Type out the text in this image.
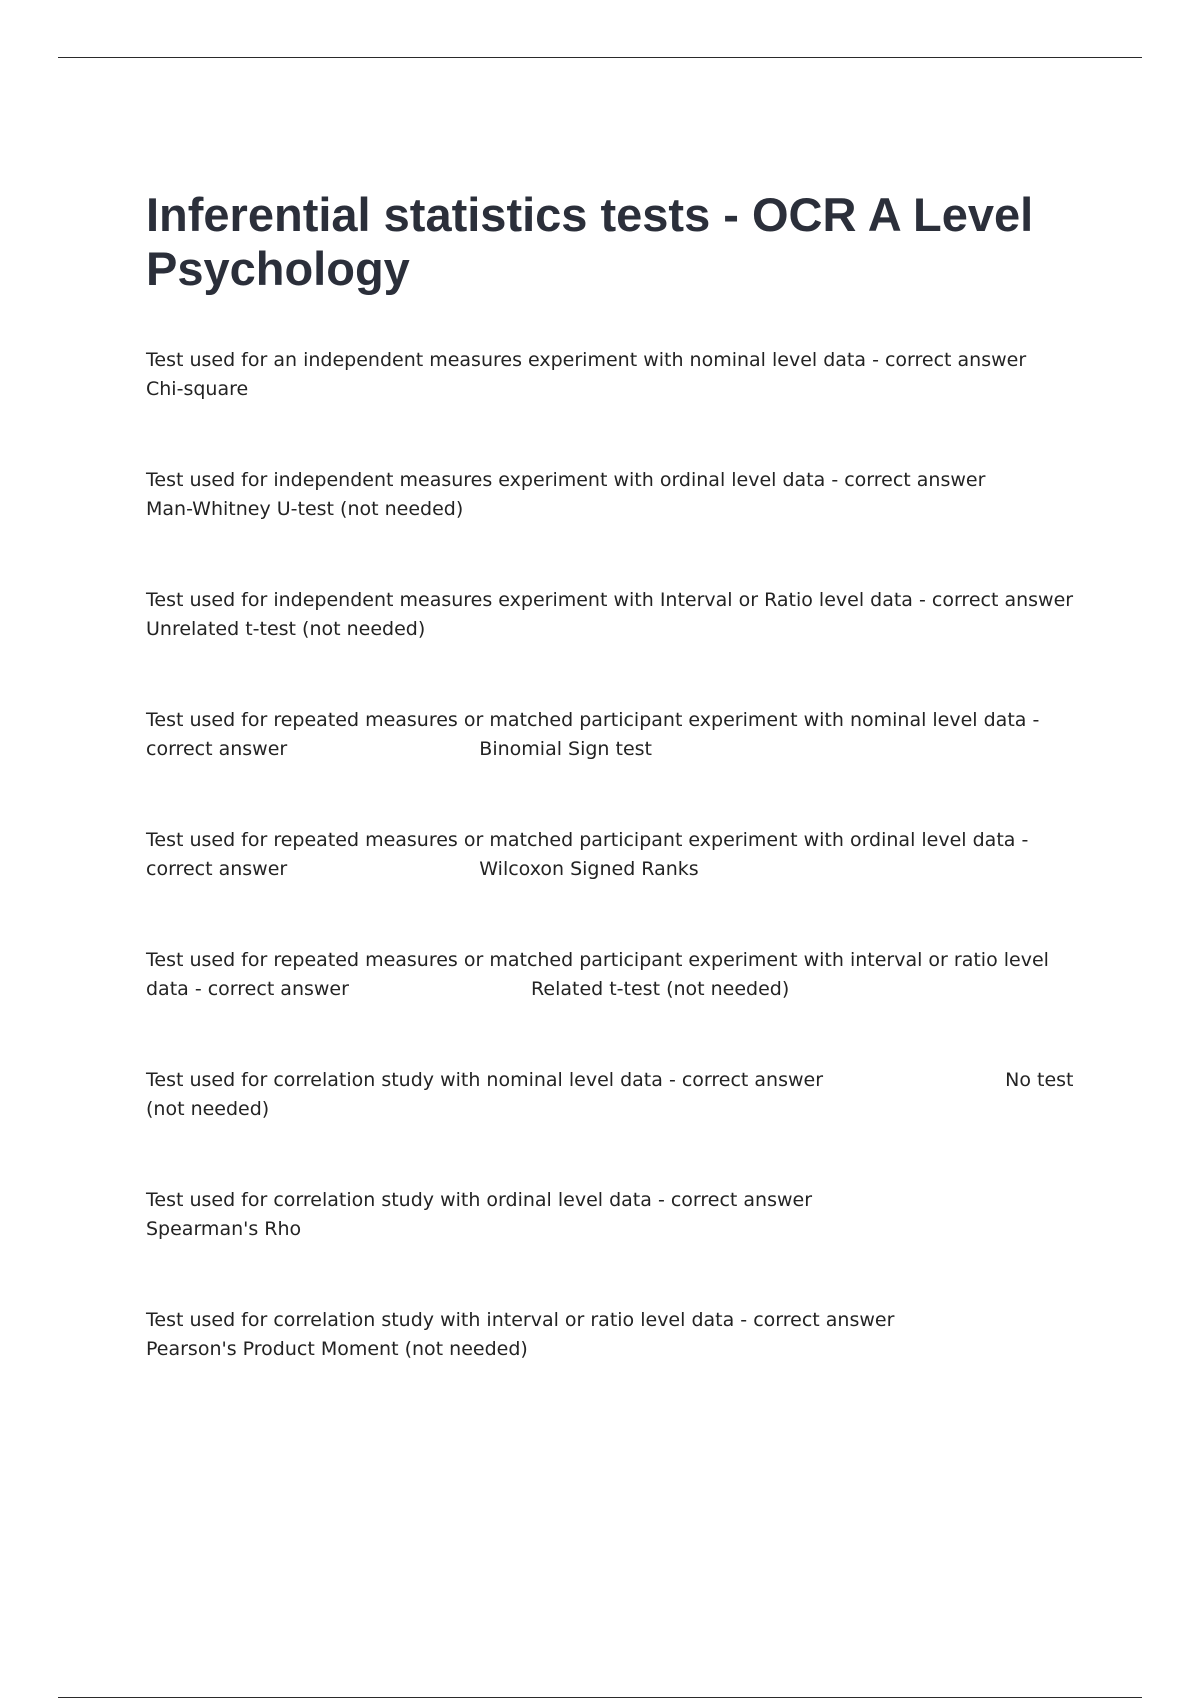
Inferential statistics tests - OCR A Level Psychology
Test used for an independent measures experiment with nominal level data - correct answer
Chi-square
Test used for independent measures experiment with ordinal level data - correct answer
Man-Whitney U-test (not needed)
Test used for independent measures experiment with Interval or Ratio level data - correct answer
Unrelated t-test (not needed)
Test used for repeated measures or matched participant experiment with nominal level data - correct answer	Binomial Sign test
Test used for repeated measures or matched participant experiment with ordinal level data - correct answer	Wilcoxon Signed Ranks
Test used for repeated measures or matched participant experiment with interval or ratio level data - correct answer	Related t-test (not needed)
Test used for correlation study with nominal level data - correct answer	No test (not needed)
Test used for correlation study with ordinal level data - correct answer  Spearman's Rho
Test used for correlation study with interval or ratio level data - correct answer
Pearson's Product Moment (not needed)
